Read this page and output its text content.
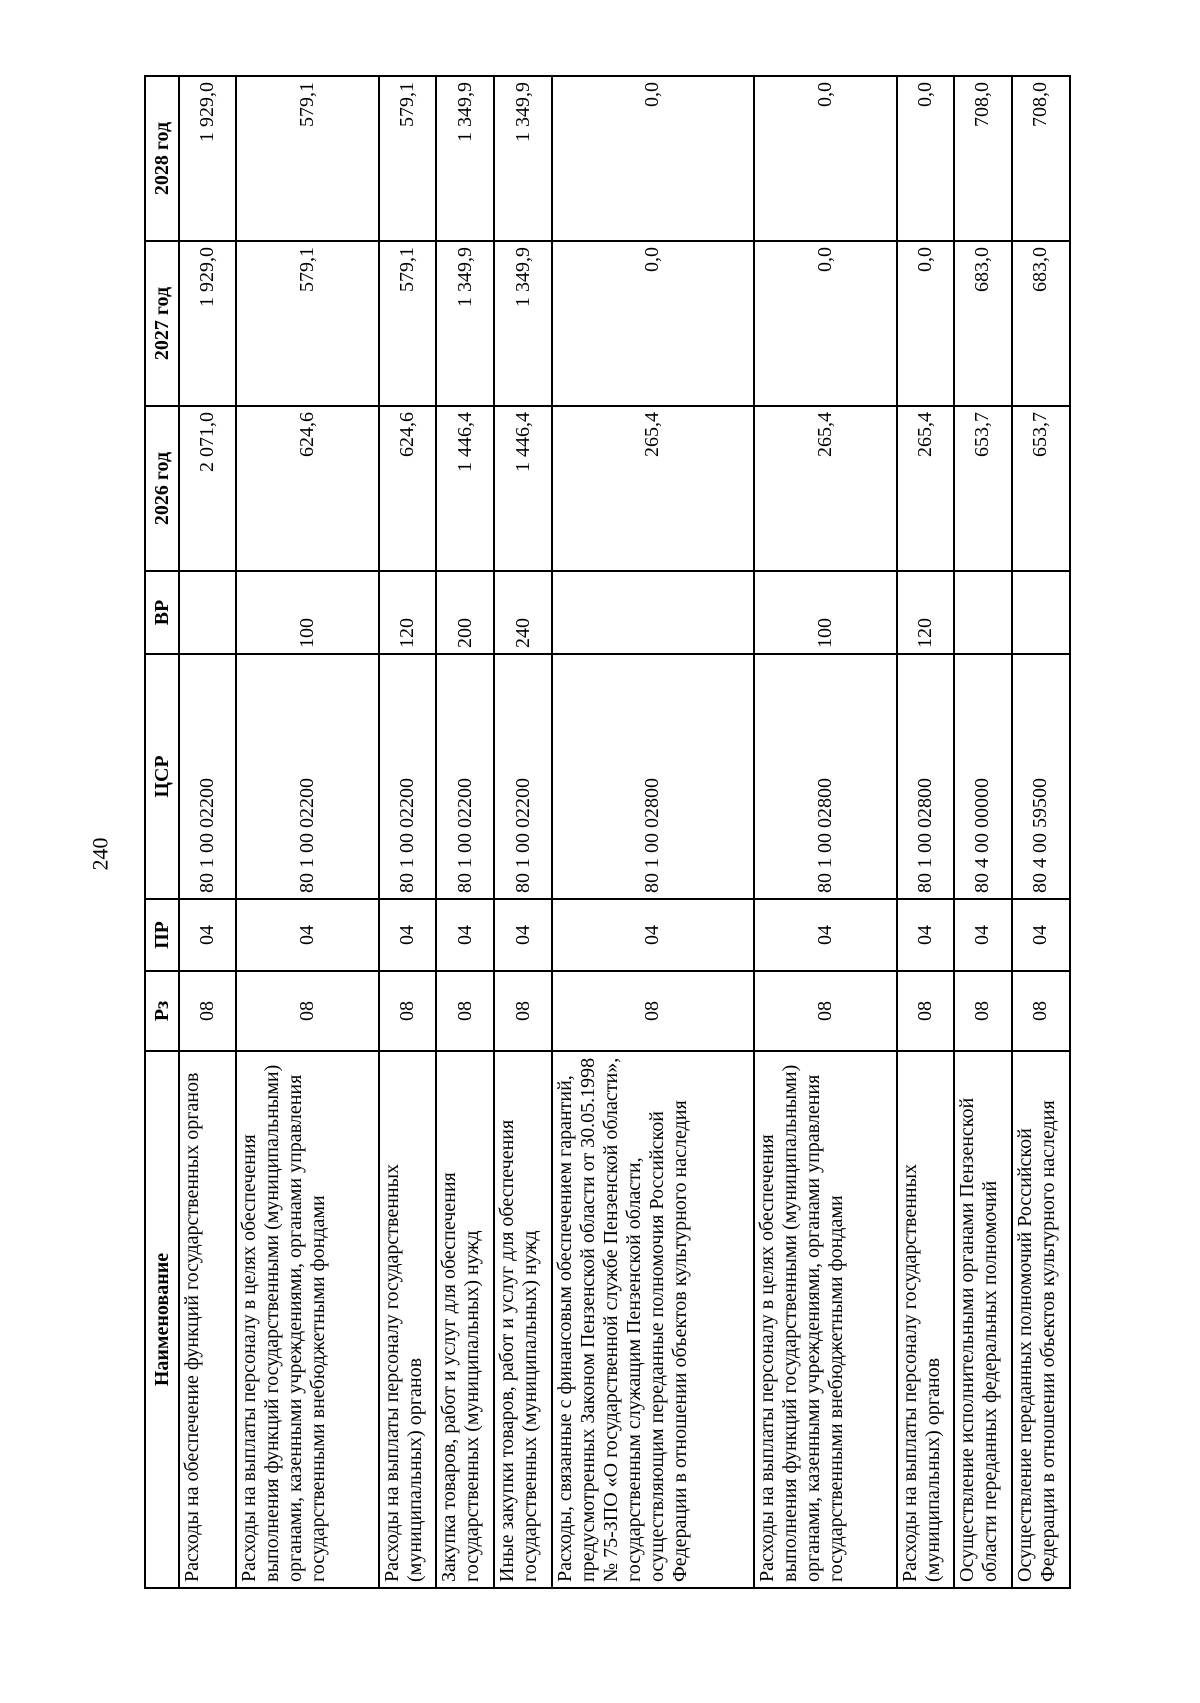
240
Наименование	Рз	ПР	ЦСР	ВР	2026 год	2027 год	2028 год
Расходы на обеспечение функций государственных органов	08	04	80 1 00 02200		2 071,0	1 929,0	1 929,0
Расходы на выплаты персоналу в целях обеспечения выполнения функций государственными (муниципальными) органами, казенными учреждениями, органами управления государственными внебюджетными фондами	08	04	80 1 00 02200	100	624,6	579,1	579,1
Расходы на выплаты персоналу государственных (муниципальных) органов	08	04	80 1 00 02200	120	624,6	579,1	579,1
Закупка товаров, работ и услуг для обеспечения государственных (муниципальных) нужд	08	04	80 1 00 02200	200	1 446,4	1 349,9	1 349,9
Иные закупки товаров, работ и услуг для обеспечения государственных (муниципальных) нужд	08	04	80 1 00 02200	240	1 446,4	1 349,9	1 349,9
Расходы, связанные с финансовым обеспечением гарантий, предусмотренных Законом Пензенской области от 30.05.1998 № 75-ЗПО «О государственной службе Пензенской области», государственным служащим Пензенской области, осуществляющим переданные полномочия Российской Федерации в отношении объектов культурного наследия	08	04	80 1 00 02800		265,4	0,0	0,0
Расходы на выплаты персоналу в целях обеспечения выполнения функций государственными (муниципальными) органами, казенными учреждениями, органами управления государственными внебюджетными фондами	08	04	80 1 00 02800	100	265,4	0,0	0,0
Расходы на выплаты персоналу государственных (муниципальных) органов	08	04	80 1 00 02800	120	265,4	0,0	0,0
Осуществление исполнительными органами Пензенской области переданных федеральных полномочий	08	04	80 4 00 00000		653,7	683,0	708,0
Осуществление переданных полномочий Российской Федерации в отношении объектов культурного наследия	08	04	80 4 00 59500		653,7	683,0	708,0
